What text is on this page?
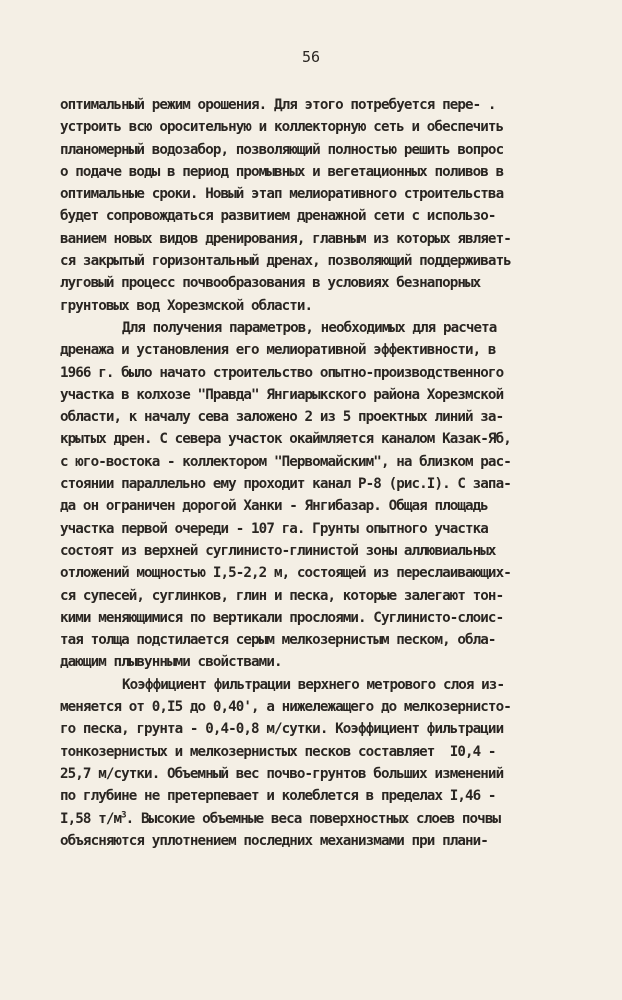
56
оптимальный режим орошения. Для этого потребуется пере- .
устроить всю оросительную и коллекторную сеть и обеспечить
планомерный водозабор, позволяющий полностью решить вопрос
о подаче воды в период промывных и вегетационных поливов в
оптимальные сроки. Новый этап мелиоративного строительства
будет сопровождаться развитием дренажной сети с использо-
ванием новых видов дренирования, главным из которых являет-
ся закрытый горизонтальный дренах, позволяющий поддерживать
луговый процесс почвообразования в условиях безнапорных
грунтовых вод Хорезмской области.
Для получения параметров, необходимых для расчета
дренажа и установления его мелиоративной эффективности, в
1966 г. было начато строительство опытно-производственного
участка в колхозе "Правда" Янгиарыкского района Хорезмской
области, к началу сева заложено 2 из 5 проектных линий за-
крытых дрен. С севера участок окаймляется каналом Казак-Яб,
с юго-востока - коллектором "Первомайским", на близком рас-
стоянии параллельно ему проходит канал Р-8 (рис.I). С запа-
да он ограничен дорогой Ханки - Янгибазар. Общая площадь
участка первой очереди - 107 га. Грунты опытного участка
состоят из верхней суглинисто-глинистой зоны аллювиальных
отложений мощностью I,5-2,2 м, состоящей из переслаивающих-
ся супесей, суглинков, глин и песка, которые залегают тон-
кими меняющимися по вертикали прослоями. Суглинисто-слоис-
тая толща подстилается серым мелкозернистым песком, обла-
дающим плывунными свойствами.
Коэффициент фильтрации верхнего метрового слоя из-
меняется от 0,I5 до 0,40', а нижележащего до мелкозернисто-
го песка, грунта - 0,4-0,8 м/сутки. Коэффициент фильтрации
тонкозернистых и мелкозернистых песков составляет  I0,4 -
25,7 м/сутки. Объемный вес почво-грунтов больших изменений
по глубине не претерпевает и колеблется в пределах I,46 -
I,58 $т/м^3$. Высокие объемные веса поверхностных слоев почвы
объясняются уплотнением последних механизмами при плани-
